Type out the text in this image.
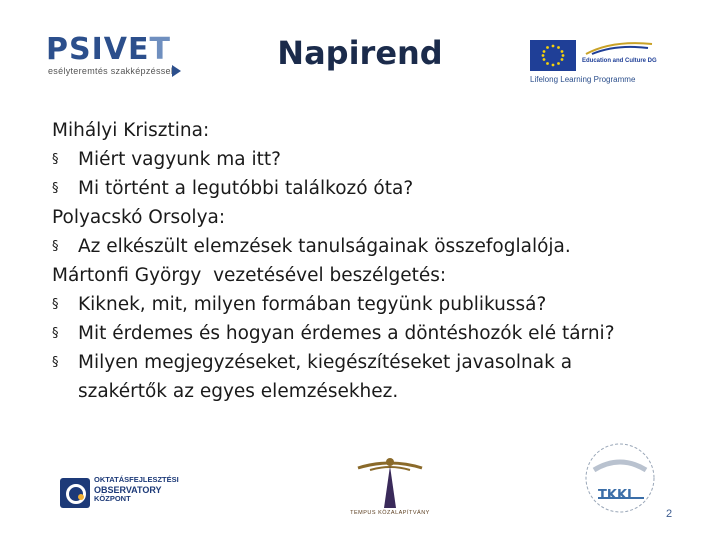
PSIVET
esélyteremtés szakképzéssel	Napirend	Education and Culture DG
Lifelong Learning Programme
Mihályi Krisztina:
§ Miért vagyunk ma itt?
§ Mi történt a legutóbbi találkozó óta?
Polyacskó Orsolya:
§ Az elkészült elemzések tanulságainak összefoglalója.
Mártonfi György  vezetésével beszélgetés:
§ Kiknek, mit, milyen formában tegyünk publikussá?
§ Mit érdemes és hogyan érdemes a döntéshozók elé tárni?
§ Milyen megjegyzéseket, kiegészítéseket javasolnak a szakértők az egyes elemzésekhez.
OKTATÁSFEJLESZTÉSI
OBSERVATORY
KÖZPONT
TEMPUS KÖZALAPÍTVÁNY
TKKI
2
